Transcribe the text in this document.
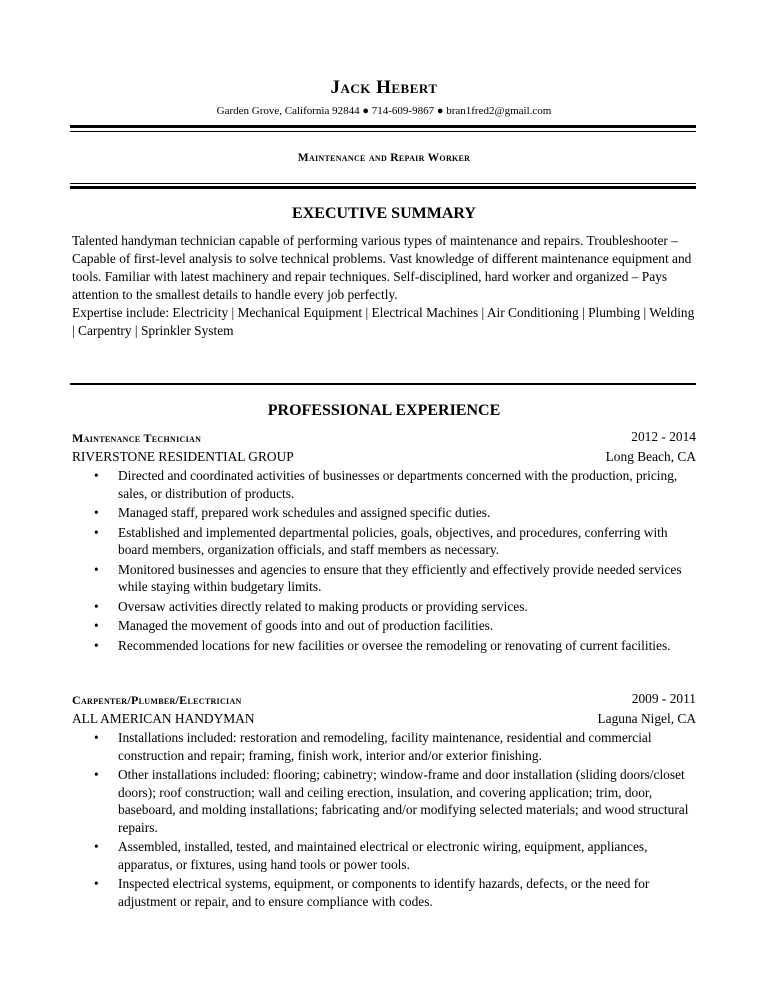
Jack Hebert
Garden Grove, California 92844 ● 714-609-9867 ● bran1fred2@gmail.com
Maintenance and Repair Worker
EXECUTIVE SUMMARY

Talented handyman technician capable of performing various types of maintenance and repairs. Troubleshooter – Capable of first-level analysis to solve technical problems. Vast knowledge of different maintenance equipment and tools. Familiar with latest machinery and repair techniques. Self-disciplined, hard worker and organized – Pays attention to the smallest details to handle every job perfectly.

Expertise include: Electricity | Mechanical Equipment | Electrical Machines | Air Conditioning | Plumbing | Welding | Carpentry | Sprinkler System

PROFESSIONAL EXPERIENCE
Maintenance Technician	2012 - 2014
RIVERSTONE RESIDENTIAL GROUP	Long Beach, CA
• Directed and coordinated activities of businesses or departments concerned with the production, pricing, sales, or distribution of products.
• Managed staff, prepared work schedules and assigned specific duties.
• Established and implemented departmental policies, goals, objectives, and procedures, conferring with board members, organization officials, and staff members as necessary.
• Monitored businesses and agencies to ensure that they efficiently and effectively provide needed services while staying within budgetary limits.
• Oversaw activities directly related to making products or providing services.
• Managed the movement of goods into and out of production facilities.
• Recommended locations for new facilities or oversee the remodeling or renovating of current facilities.
Carpenter/Plumber/Electrician	2009 - 2011
ALL AMERICAN HANDYMAN	Laguna Nigel, CA
• Installations included: restoration and remodeling, facility maintenance, residential and commercial construction and repair; framing, finish work, interior and/or exterior finishing.
• Other installations included: flooring; cabinetry; window-frame and door installation (sliding doors/closet doors); roof construction; wall and ceiling erection, insulation, and covering application; trim, door, baseboard, and molding installations; fabricating and/or modifying selected materials; and wood structural repairs.
• Assembled, installed, tested, and maintained electrical or electronic wiring, equipment, appliances, apparatus, or fixtures, using hand tools or power tools.
• Inspected electrical systems, equipment, or components to identify hazards, defects, or the need for adjustment or repair, and to ensure compliance with codes.
